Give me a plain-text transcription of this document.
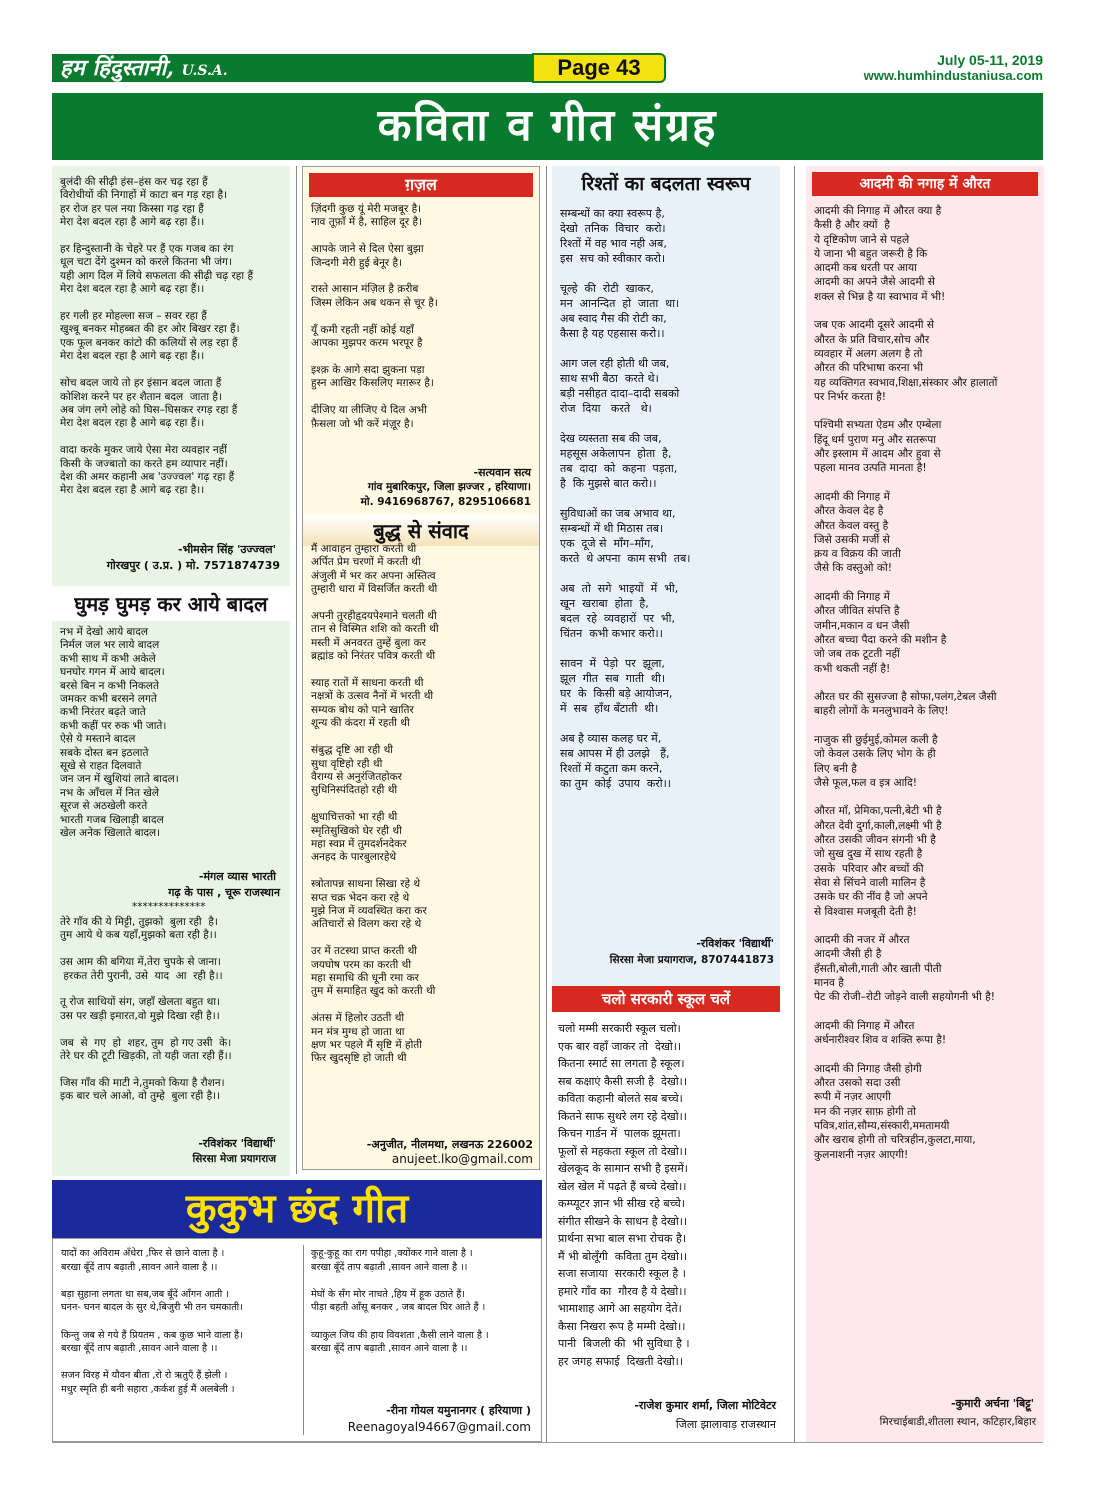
हम हिंदुस्तानी, U.S.A.	Page 43	July 05-11, 2019
www.humhindustaniusa.com
कविता व गीत संग्रह
बुलंदी की सीढ़ी हंस–हंस कर चढ़ रहा हैं
विरोधीयों की निगाहों में काटा बन गड़ रहा है।
हर रोज हर पल नया किस्सा गढ़ रहा हैं
मेरा देश बदल रहा है आगे बढ़ रहा हैं।।

हर हिन्दुस्तानी के चेहरे पर हैं एक गजब का रंग
धूल चटा देंगे दुश्मन को करले कितना भी जंग।
यही आग दिल में लिये सफलता की सीढ़ी चढ़ रहा हैं
मेरा देश बदल रहा है आगे बढ़ रहा हैं।।

हर गली हर मोहल्ला सज – सवर रहा हैं
खुश्बू बनकर मोहब्बत की हर ओर बिखर रहा हैं।
एक फूल बनकर कांटो की कलियों से लड़ रहा हैं
मेरा देश बदल रहा है आगे बढ़ रहा हैं।।

सोच बदल जाये तो हर इंसान बदल जाता हैं
कोशिश करने पर हर शैतान बदल  जाता है।
अब जंग लगे लोहे को घिस–घिसकर रगड़ रहा हैं
मेरा देश बदल रहा है आगे बढ़ रहा हैं।।

वादा करके मुकर जाये ऐसा मेरा व्यवहार नहीं
किसी के जज्बातो का करते हम व्यापार नहीं।
देश की अमर कहानी अब 'उज्ज्वल' गढ़ रहा हैं
मेरा देश बदल रहा है आगे बढ़ रहा है।।
-भीमसेन सिंह 'उज्ज्वल'
गोरखपुर ( उ.प्र. ) मो. 7571874739
घुमड़ घुमड़ कर आये बादल
नभ में देखो आये बादल
निर्मल जल भर लाये बादल
कभी साथ में कभी अकेले
घनघोर गगन में आये बादल।
बरसे बिन न कभी निकलते
जमकर कभी बरसने लगते
कभी निरंतर बढ़ते जाते
कभी कहीं पर रुक भी जाते।
ऐसे ये मस्ताने बादल
सबके दोस्त बन इठलाते
सूखे से राहत दिलवाते
जन जन में खुशियां लाते बादल।
नभ के आँचल में नित खेले
सूरज से अठखेली करते
भारती गजब खिलाड़ी बादल
खेल अनेक खिलाते बादल।
-मंगल व्यास भारती
गढ़ के पास , चूरू राजस्थान
**************
तेरे गाँव की ये मिट्टी, तुझको  बुला रही  है।
तुम आये थे कब यहाँ,मुझको बता रही है।।

उस आम की बगिया में,तेरा चुपके से जाना।
हरकत तेरी पुरानी, उसे  याद  आ  रही है।।

तू रोज साथियों संग, जहाँ खेलता बहुत था।
उस पर खड़ी इमारत,वो मुझे दिखा रही है।।

जब  से  गए  हो  शहर, तुम  हो गए उसी  के।
तेरे घर की टूटी खिड़की, तो यही जता रही हैं।।

जिस गाँव की माटी ने,तुमको किया है रौशन।
इक बार चले आओ, वो तुम्हे  बुला रही है।।
-रविशंकर 'विद्यार्थी'
सिरसा मेजा प्रयागराज
ग़ज़ल
ज़िंदगी कुछ यूं मेरी मजबूर है।
नाव तूफ़ाँ में है, साहिल दूर है।

आपके जाने से दिल ऐसा बुझा
जिन्दगी मेरी हुई बेनूर है।

रास्ते आसान मंज़िल है क़रीब
जिस्म लेकिन अब थकन से चूर है।

यूँ कमी रहती नहीं कोई यहाँ
आपका मुझपर करम भरपूर है

इश्क़ के आगे सदा झुकना पड़ा
हुस्न आखिर किसलिए मग़रूर है।

दीजिए या लीजिए ये दिल अभी
फ़ैसला जो भी करें मंज़ूर है।
-सत्यवान सत्य
गांव मुबारिकपुर, जिला झज्जर , हरियाणा।
मो. 9416968767, 8295106681
बुद्ध से संवाद
मैं आवाहन तुम्हारा करती थी
अर्पित प्रेम चरणों में करती थी
अंजुली में भर कर अपना अस्तित्व
तुम्हारी धारा में विसर्जित करती थी

अपनी तुरहीहृदयपेश्माने चलती थी
तान से विस्मित शशि को करती थी
मस्ती में अनवरत तुम्हें बुला कर
ब्रह्मांड को निरंतर पवित्र करती थी

स्याह रातों में साधना करती थी
नक्षत्रों के उत्सव नैनों में भरती थी
सम्यक बोध को पाने खातिर
शून्य की कंदरा में रहती थी

संबुद्ध दृष्टि आ रही थी
सुधा वृष्टिहो रही थी
वैराग्य से अनुरंजितहोकर
सुधिनिस्पंदितहो रही थी

क्षुधाचित्तको भा रही थी
स्मृतिसुखिको घेर रही थी
महा स्वप्न में तुमदर्शनदेकर
अनहद के पारबुलारहेथे

स्त्रोतापन्न साधना सिखा रहे थे
सप्त चक्र भेदन करा रहे थे
मुझे निज में व्यवस्थित करा कर
अतिचारों से विलग करा रहे थे

उर में तटस्था प्राप्त करती थी
जयघोष परम का करती थी
महा समाधि की धूनी रमा कर
तुम में समाहित खुद को करती थी

अंतस में हिलोर उठती थी
मन मंत्र मुग्ध हो जाता था
क्षण भर पहले मैं सृष्टि में होती
फिर खुदसृष्टि हो जाती थी
-अनुजीत, नीलमथा, लखनऊ 226002
anujeet.lko@gmail.com
रिश्तों का बदलता स्वरूप
सम्बन्धों का क्या स्वरूप है,
देखो  तनिक  विचार  करो।
रिश्तों में वह भाव नही अब,
इस  सच को स्वीकार करो।

चूल्हे  की  रोटी  खाकर,
मन  आनन्दित  हो  जाता  था।
अब स्वाद गैस की रोटी का,
कैसा है यह एहसास करो।।

आग जल रही होती थी जब,
साथ सभी बैठा  करते थे।
बड़ी नसीहत दादा–दादी सबको
रोज  दिया   करते   थे।

देख व्यस्तता सब की जब,
महसूस अकेलापन  होता  है,
तब  दादा  को  कहना  पड़ता,
है  कि मुझसे बात करो।।

सुविधाओं का जब अभाव था,
सम्बन्धों में थी मिठास तब।
एक  दूजे से  माँग–माँग,
करते  थे अपना  काम सभी  तब।

अब  तो  सगे  भाइयों  में  भी,
खून  खराबा  होता  है,
बदल  रहे  व्यवहारों  पर  भी,
चिंतन  कभी कभार करो।।

सावन  में  पेड़ो  पर  झूला,
झूल  गीत  सब  गाती  थी।
घर  के  किसी बड़े आयोजन,
में  सब  हाँथ बँटाती  थी।

अब है व्यास कलह घर में,
सब आपस में ही उलझे   हैं,
रिश्तों में कटुता कम करने,
का तुम  कोई  उपाय  करो।।
-रविशंकर 'विद्यार्थी'
सिरसा मेजा प्रयागराज, 8707441873
चलो सरकारी स्कूल चलें
चलो मम्मी सरकारी स्कूल चलो।
एक बार वहाँ जाकर तो  देखो।।
कितना स्मार्ट सा लगता है स्कूल।
सब कक्षाएं कैसी सजी है  देखो।।
कविता कहानी बोलते सब बच्चे।
कितने साफ सुथरे लग रहे देखो।।
किचन गार्डन में  पालक झूमता।
फूलों से महकता स्कूल तो देखो।।
खेलकूद के सामान सभी है इसमें।
खेल खेल में पढ़ते हैं बच्चे देखो।।
कम्प्यूटर ज्ञान भी सीख रहे बच्चे।
संगीत सीखने के साधन है देखो।।
प्रार्थना सभा बाल सभा रोचक है।
मैं भी बोलूँगी  कविता तुम देखो।।
सजा सजाया  सरकारी स्कूल है ।
हमारे गाँव का  गौरव है ये देखो।।
भामाशाह आगे आ सहयोग देते।
कैसा निखरा रूप है मम्मी देखो।।
पानी  बिजली की  भी सुविधा है ।
हर जगह सफाई  दिखती देखो।।
-राजेश कुमार शर्मा, जिला मोटिवेटर
जिला झालावाड़ राजस्थान
आदमी की नगाह में औरत
आदमी की निगाह में औरत क्या है
कैसी है और क्यों  है
ये दृष्टिकोण जाने से पहले
ये जाना भी बहुत जरूरी है कि
आदमी कब धरती पर आया
आदमी का अपने जैसे आदमी से
शक्ल से भिन्न है या स्वाभाव में भी!

जब एक आदमी दूसरे आदमी से
औरत के प्रति विचार,सोच और
व्यवहार में अलग अलग है तो
औरत की परिभाषा करना भी
यह व्यक्तिगत स्वभाव,शिक्षा,संस्कार और हालातों
पर निर्भर करता है!

पश्चिमी सभ्यता ऐडम और एम्बेला
हिंदू धर्म पुराण मनु और सतरूपा
और इस्लाम में आदम और हुवा से
पहला मानव उत्पति मानता है!

आदमी की निगाह में
औरत केवल देह है
औरत केवल वस्तु है
जिसे उसकी मर्जी से
क्रय व विक्रय की जाती
जैसे कि वस्तुओ को!

आदमी की निगाह में
औरत जीवित संपत्ति है
जमीन,मकान व धन जैसी
औरत बच्चा पैदा करने की मशीन है
जो जब तक टूटती नहीं
कभी थकती नहीं है!

औरत घर की सुसज्जा है सोफा,पलंग,टेबल जैसी
बाहरी लोगों के मनलुभावने के लिए!

नाजुक सी छुईमुई,कोमल कली है
जो केवल उसके लिए भोग के ही
लिए बनी है
जैसे फूल,फल व इत्र आदि!

औरत माँ, प्रेमिका,पत्नी,बेटी भी है
औरत देवी दुर्गा,काली,लक्ष्मी भी है
औरत उसकी जीवन संगनी भी है
जो सुख दुख में साथ रहती है
उसके  परिवार और बच्चों की
सेवा से सिंचने वाली मालिन है
उसके घर की नींव है जो अपने
से विश्वास मजबूती देती है!

आदमी की नजर में औरत
आदमी जैसी ही है
हँसती,बोली,गाती और खाती पीती
मानव है
पेट की रोजी–रोटी जोड़ने वाली सहयोगनी भी है!

आदमी की निगाह में औरत
अर्धनारीश्वर शिव व शक्ति रूपा है!

आदमी की निगाह जैसी होगी
औरत उसको सदा उसी
रूपी में नज़र आएगी
मन की नज़र साफ़ होगी तो
पवित्र,शांत,सौम्य,संस्कारी,ममतामयी
और खराब होगी तो चरित्रहीन,कुलटा,माया,
कुलनाशनी नज़र आएगी!
-कुमारी अर्चना 'बिट्टू'
मिरचाईबाडी,शीतला स्थान, कटिहार,बिहार
कुकुभ छंद गीत
यादों का अविराम अँधेरा ,फिर से छाने वाला है ।
बरखा बूँदें ताप बढ़ाती ,सावन आने वाला है ।।

बड़ा सुहाना लगता था सब,जब बूँदें आँगन आती ।
घनन- घनन बादल के सुर थे,बिजुरी भी तन चमकाती।

किन्तु जब से गये हैं प्रियतम , कब कुछ भाने वाला है।
बरखा बूँदें ताप बढ़ाती ,सावन आने वाला है ।।

सजन विरह में यौवन बीता ,रो रो ऋतुएँ हैं झेली ।
मधुर स्मृति ही बनी सहारा ,कर्कश हुई मैं अलबेली ।
कुहू-कुहू का राग पपीहा ,क्योंकर गाने वाला है ।
बरखा बूँदें ताप बढ़ाती ,सावन आने वाला है ।।

मेघों के सँग मोर नाचते ,हिय में हूक उठाते हैं।
पीड़ा बहती आँसू बनकर , जब बादल घिर आते हैं ।

व्याकुल जिय की हाय विवशता ,कैसी लाने वाला है ।
बरखा बूँदें ताप बढ़ाती ,सावन आने वाला है ।।
-रीना गोयल यमुनानगर ( हरियाणा )
Reenagoyal94667@gmail.com
